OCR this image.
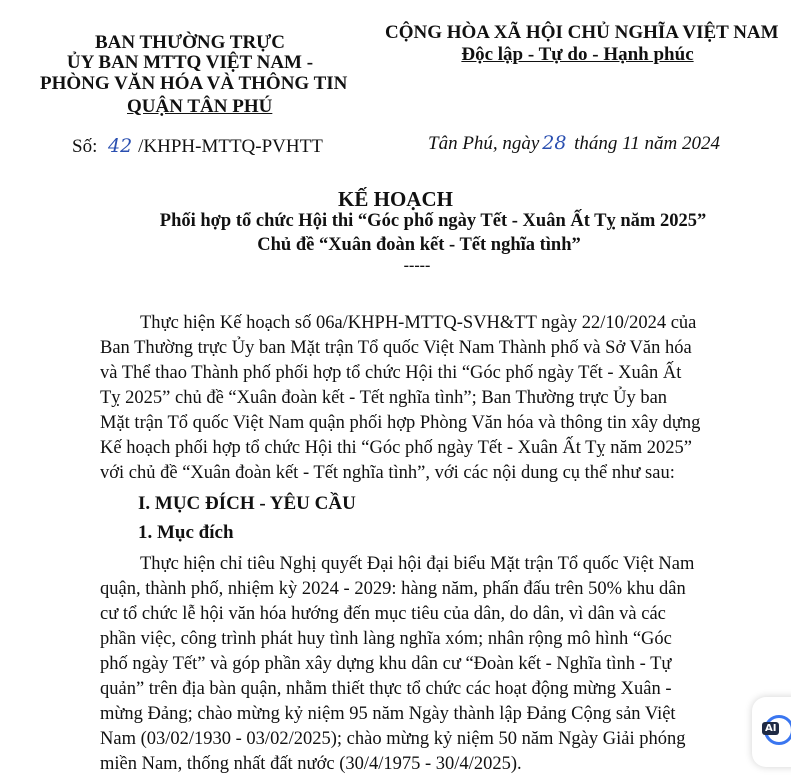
BAN THƯỜNG TRỰC
ỦY BAN MTTQ VIỆT NAM -
PHÒNG VĂN HÓA VÀ THÔNG TIN
QUẬN TÂN PHÚ
CỘNG HÒA XÃ HỘI CHỦ NGHĨA VIỆT NAM
Độc lập - Tự do - Hạnh phúc
Số: 42 /KHPH-MTTQ-PVHTT	Tân Phú, ngày 28 tháng 11 năm 2024
KẾ HOẠCH
Phối hợp tổ chức Hội thi “Góc phố ngày Tết - Xuân Ất Tỵ năm 2025”
Chủ đề “Xuân đoàn kết - Tết nghĩa tình”
-----
Thực hiện Kế hoạch số 06a/KHPH-MTTQ-SVH&TT ngày 22/10/2024 của
Ban Thường trực Ủy ban Mặt trận Tổ quốc Việt Nam Thành phố và Sở Văn hóa
và Thể thao Thành phố phối hợp tổ chức Hội thi “Góc phố ngày Tết - Xuân Ất
Tỵ 2025” chủ đề “Xuân đoàn kết - Tết nghĩa tình”; Ban Thường trực Ủy ban
Mặt trận Tổ quốc Việt Nam quận phối hợp Phòng Văn hóa và thông tin xây dựng
Kế hoạch phối hợp tổ chức Hội thi “Góc phố ngày Tết - Xuân Ất Tỵ năm 2025”
với chủ đề “Xuân đoàn kết - Tết nghĩa tình”, với các nội dung cụ thể như sau:
I. MỤC ĐÍCH - YÊU CẦU
1. Mục đích
Thực hiện chỉ tiêu Nghị quyết Đại hội đại biểu Mặt trận Tổ quốc Việt Nam
quận, thành phố, nhiệm kỳ 2024 - 2029: hàng năm, phấn đấu trên 50% khu dân
cư tổ chức lễ hội văn hóa hướng đến mục tiêu của dân, do dân, vì dân và các
phần việc, công trình phát huy tình làng nghĩa xóm; nhân rộng mô hình “Góc
phố ngày Tết” và góp phần xây dựng khu dân cư “Đoàn kết - Nghĩa tình - Tự
quản” trên địa bàn quận, nhằm thiết thực tổ chức các hoạt động mừng Xuân -
mừng Đảng; chào mừng kỷ niệm 95 năm Ngày thành lập Đảng Cộng sản Việt
Nam (03/02/1930 - 03/02/2025); chào mừng kỷ niệm 50 năm Ngày Giải phóng
miền Nam, thống nhất đất nước (30/4/1975 - 30/4/2025).
AI
